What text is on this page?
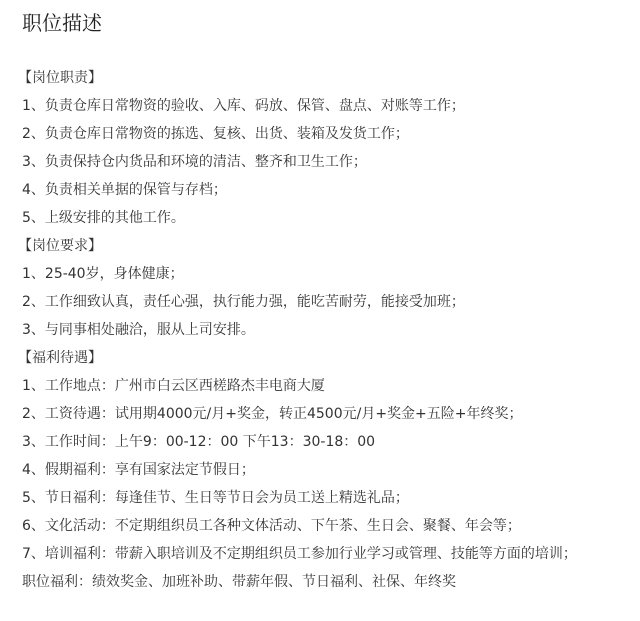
职位描述
【岗位职责】
1、负责仓库日常物资的验收、入库、码放、保管、盘点、对账等工作；
2、负责仓库日常物资的拣选、复核、出货、装箱及发货工作；
3、负责保持仓内货品和环境的清洁、整齐和卫生工作；
4、负责相关单据的保管与存档；
5、上级安排的其他工作。
【岗位要求】
1、25-40岁，身体健康；
2、工作细致认真，责任心强，执行能力强，能吃苦耐劳，能接受加班；
3、与同事相处融洽，服从上司安排。
【福利待遇】
1、工作地点：广州市白云区西槎路杰丰电商大厦
2、工资待遇：试用期4000元/月+奖金，转正4500元/月+奖金+五险+年终奖；
3、工作时间：上午9：00-12：00 下午13：30-18：00
4、假期福利：享有国家法定节假日；
5、节日福利：每逢佳节、生日等节日会为员工送上精选礼品；
6、文化活动：不定期组织员工各种文体活动、下午茶、生日会、聚餐、年会等；
7、培训福利：带薪入职培训及不定期组织员工参加行业学习或管理、技能等方面的培训；
职位福利：绩效奖金、加班补助、带薪年假、节日福利、社保、年终奖
